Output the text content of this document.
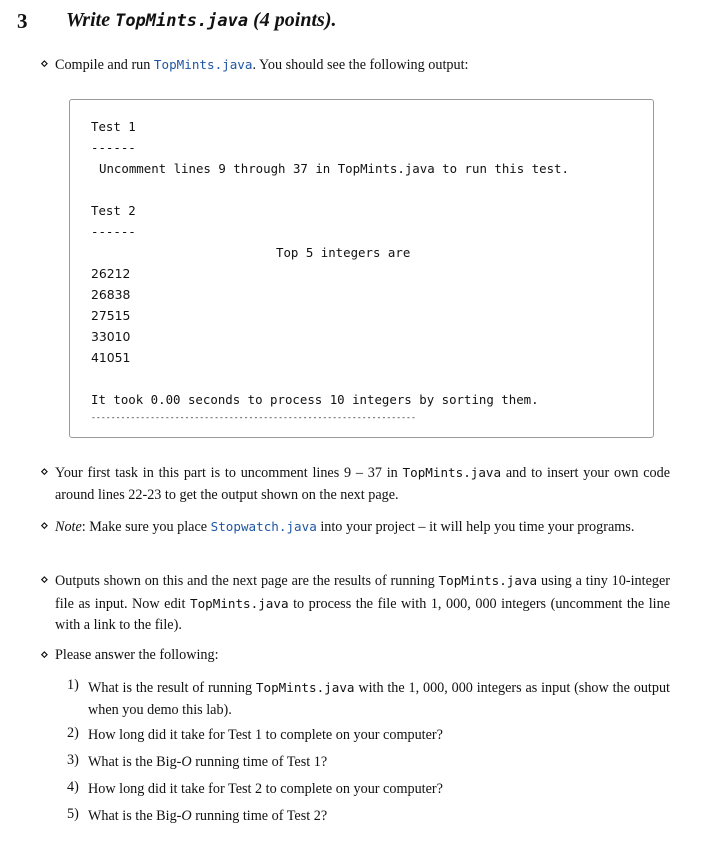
3 Write TopMints.java (4 points).
⋄ Compile and run TopMints.java. You should see the following output:
Test 1
------
Uncomment lines 9 through 37 in TopMints.java to run this test.
Test 2
------
Top 5 integers are
26212
26838
27515
33010
41051
It took 0.00 seconds to process 10 integers by sorting them.
------------------------------------------------------------------
⋄ Your first task in this part is to uncomment lines 9 – 37 in TopMints.java and to insert your own code around lines 22-23 to get the output shown on the next page.
⋄ Note: Make sure you place Stopwatch.java into your project – it will help you time your programs.
⋄ Outputs shown on this and the next page are the results of running TopMints.java using a tiny 10-integer file as input. Now edit TopMints.java to process the file with 1, 000, 000 integers (uncomment the line with a link to the file).
⋄ Please answer the following:
1) What is the result of running TopMints.java with the 1, 000, 000 integers as input (show the output when you demo this lab).
2) How long did it take for Test 1 to complete on your computer?
3) What is the Big-O running time of Test 1?
4) How long did it take for Test 2 to complete on your computer?
5) What is the Big-O running time of Test 2?
